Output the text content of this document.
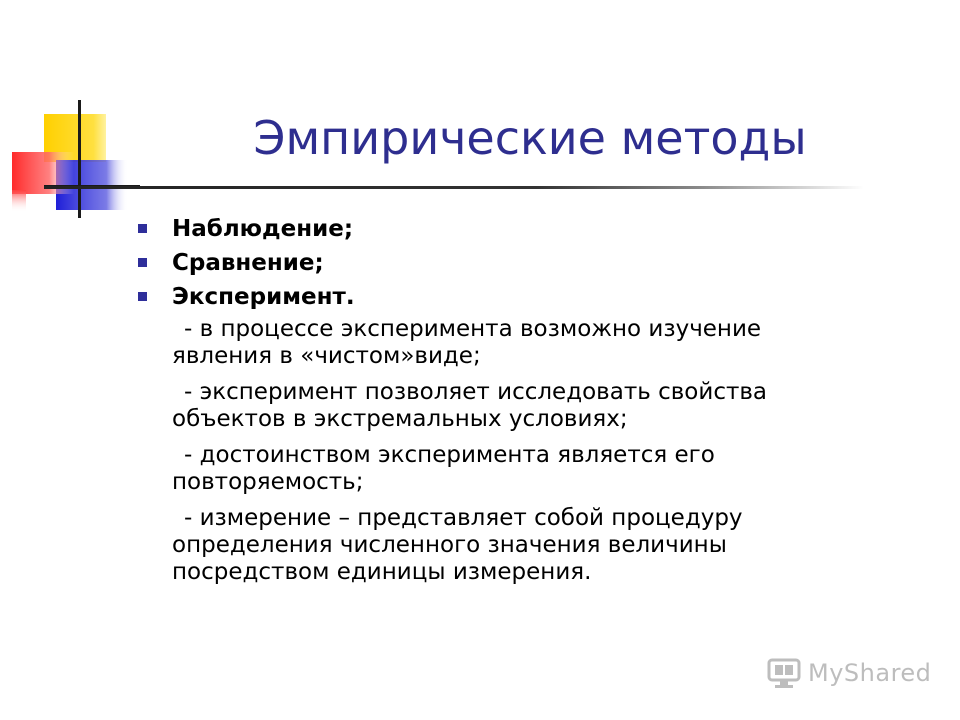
Эмпирические методы
Наблюдение;
Сравнение;
Эксперимент.
- в процессе эксперимента возможно изучение
явления в «чистом»виде;
- эксперимент позволяет исследовать свойства
объектов в экстремальных условиях;
- достоинством эксперимента является его
повторяемость;
- измерение – представляет собой процедуру
определения численного значения величины
посредством единицы измерения.
MyShared
